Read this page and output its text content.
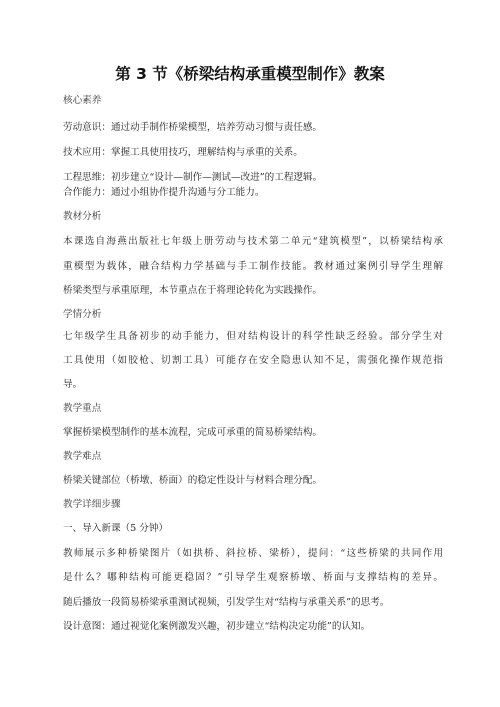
第 3 节《桥梁结构承重模型制作》教案
核心素养
劳动意识：通过动手制作桥梁模型，培养劳动习惯与责任感。
技术应用：掌握工具使用技巧，理解结构与承重的关系。
工程思维：初步建立“设计—制作—测试—改进”的工程逻辑。
合作能力：通过小组协作提升沟通与分工能力。
教材分析
本课选自海燕出版社七年级上册劳动与技术第二单元“建筑模型”，以桥梁结构承
重模型为载体，融合结构力学基础与手工制作技能。教材通过案例引导学生理解
桥梁类型与承重原理，本节重点在于将理论转化为实践操作。
学情分析
七年级学生具备初步的动手能力，但对结构设计的科学性缺乏经验。部分学生对
工具使用（如胶枪、切割工具）可能存在安全隐患认知不足，需强化操作规范指
导。
教学重点
掌握桥梁模型制作的基本流程，完成可承重的简易桥梁结构。
教学难点
桥梁关键部位（桥墩、桥面）的稳定性设计与材料合理分配。
教学详细步骤
一、导入新课（5 分钟）
教师展示多种桥梁图片（如拱桥、斜拉桥、梁桥），提问：“这些桥梁的共同作用
是什么？哪种结构可能更稳固？”引导学生观察桥墩、桥面与支撑结构的差异。
随后播放一段简易桥梁承重测试视频，引发学生对“结构与承重关系”的思考。
设计意图：通过视觉化案例激发兴趣，初步建立“结构决定功能”的认知。
